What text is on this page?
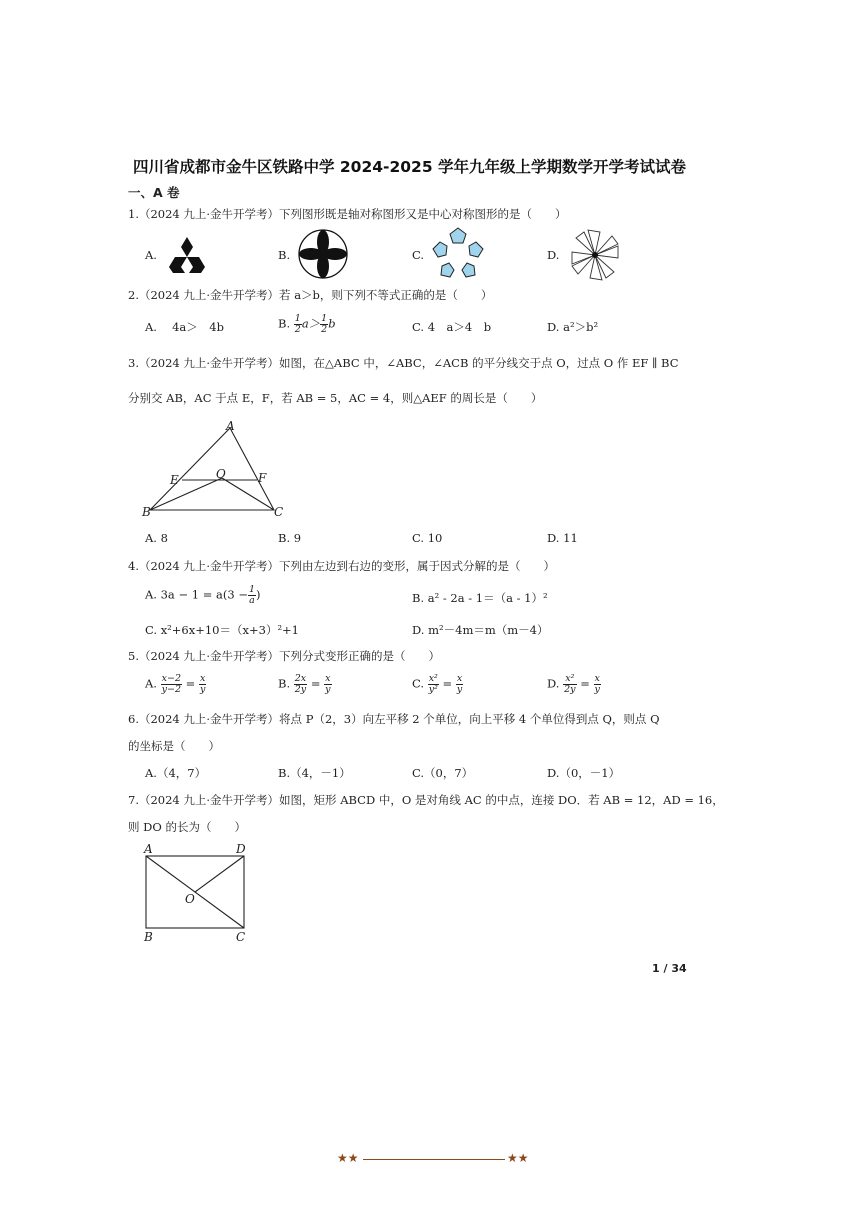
四川省成都市金牛区铁路中学 2024-2025 学年九年级上学期数学开学考试试卷
一、A 卷
1.（2024 九上·金牛开学考）下列图形既是轴对称图形又是中心对称图形的是（　　）
A.	B.	C.	D.
2.（2024 九上·金牛开学考）若 a＞b，则下列不等式正确的是（　　）
A.　 4a＞　4b	B. $\frac{1}{2} a> \frac{1}{2}$ b	C. 4　a＞4　b	D. a²＞b²
3.（2024 九上·金牛开学考）如图，在△ABC 中，∠ABC，∠ACB 的平分线交于点 O，过点 O 作 EF ∥ BC
分别交 AB，AC 于点 E，F，若 AB = 5，AC = 4，则△AEF 的周长是（　　）
A
B	C
E	F
O
A. 8	B. 9	C. 10	D. 11
4.（2024 九上·金牛开学考）下列由左边到右边的变形，属于因式分解的是（　　）
A. $3a - 1 = a(3 - \frac{1}{a}$ )	B. a² - 2a - 1＝（a - 1）²
C. x²+6x+10＝（x+3）²+1	D. m²－4m＝m（m－4）
5.（2024 九上·金牛开学考）下列分式变形正确的是（　　）
A. $\frac{x-2}{y-2} = \frac{x}{y}$	B. $\frac{2x}{2y} = \frac{x}{y}$	C. $\frac{\text{x²}}{\text{y²}} = \frac{x}{y}$	D. $\frac{\text{x²}}{2y} = \frac{x}{y}$
6.（2024 九上·金牛开学考）将点 P（2，3）向左平移 2 个单位，向上平移 4 个单位得到点 Q，则点 Q
的坐标是（　　）
A.（4，7）	B.（4，－1）	C.（0，7）	D.（0，－1）
7.（2024 九上·金牛开学考）如图，矩形 ABCD 中，O 是对角线 AC 的中点，连接 DO．若 AB = 12，AD = 16，
则 DO 的长为（　　）
A	D
B	C
O
1 / 34
★★	★★
